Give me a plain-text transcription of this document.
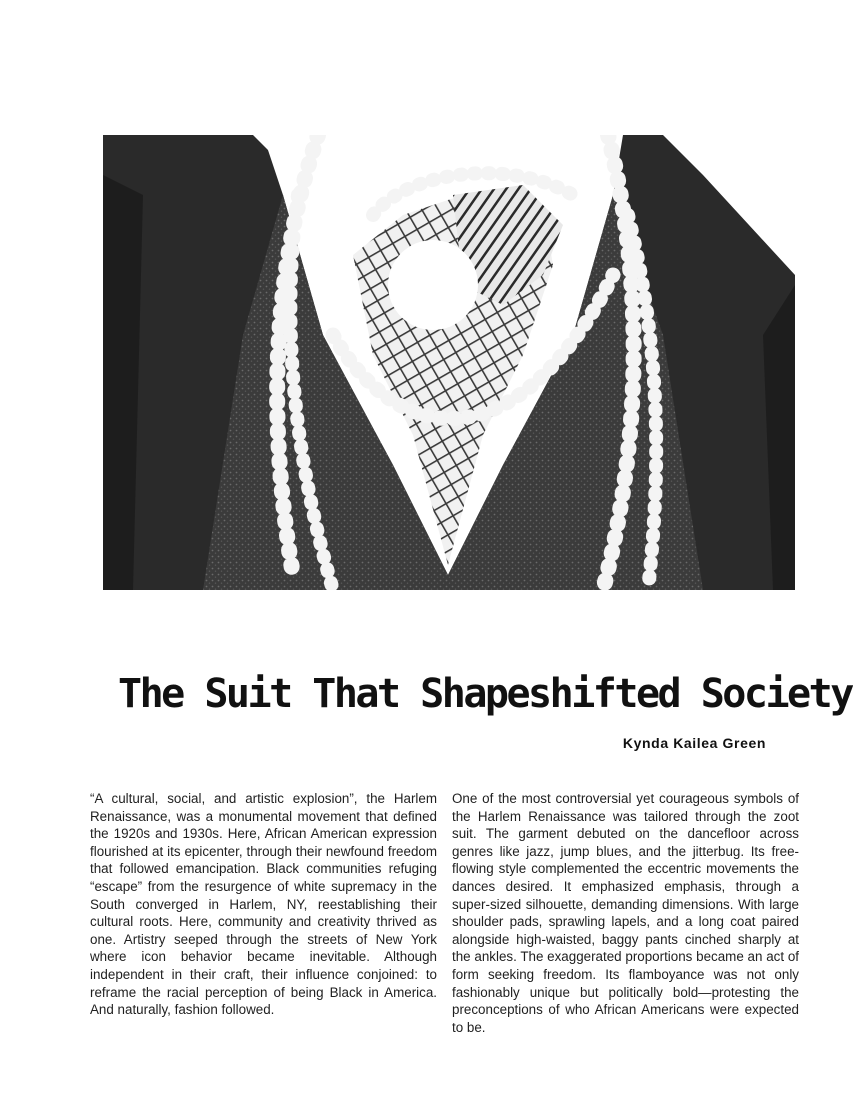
The Suit That Shapeshifted Society
Kynda Kailea Green

“A cultural, social, and artistic explosion”, the Harlem Renaissance, was a monumental movement that defined the 1920s and 1930s. Here, African American expression flourished at its epicenter, through their newfound freedom that followed emancipation. Black communities refuging “escape” from the resurgence of white supremacy in the South converged in Harlem, NY, reestablishing their cultural roots. Here, community and creativity thrived as one. Artistry seeped through the streets of New York where icon behavior became inevitable. Although independent in their craft, their influence conjoined: to reframe the racial perception of being Black in America. And naturally, fashion followed.

One of the most controversial yet courageous symbols of the Harlem Renaissance was tailored through the zoot suit. The garment debuted on the dancefloor across genres like jazz, jump blues, and the jitterbug. Its free-flowing style complemented the eccentric movements the dances desired. It emphasized emphasis, through a super-sized silhouette, demanding dimensions. With large shoulder pads, sprawling lapels, and a long coat paired alongside high-waisted, baggy pants cinched sharply at the ankles. The exaggerated proportions became an act of form seeking freedom. Its flamboyance was not only fashionably unique but politically bold—protesting the preconceptions of who African Americans were expected to be.
